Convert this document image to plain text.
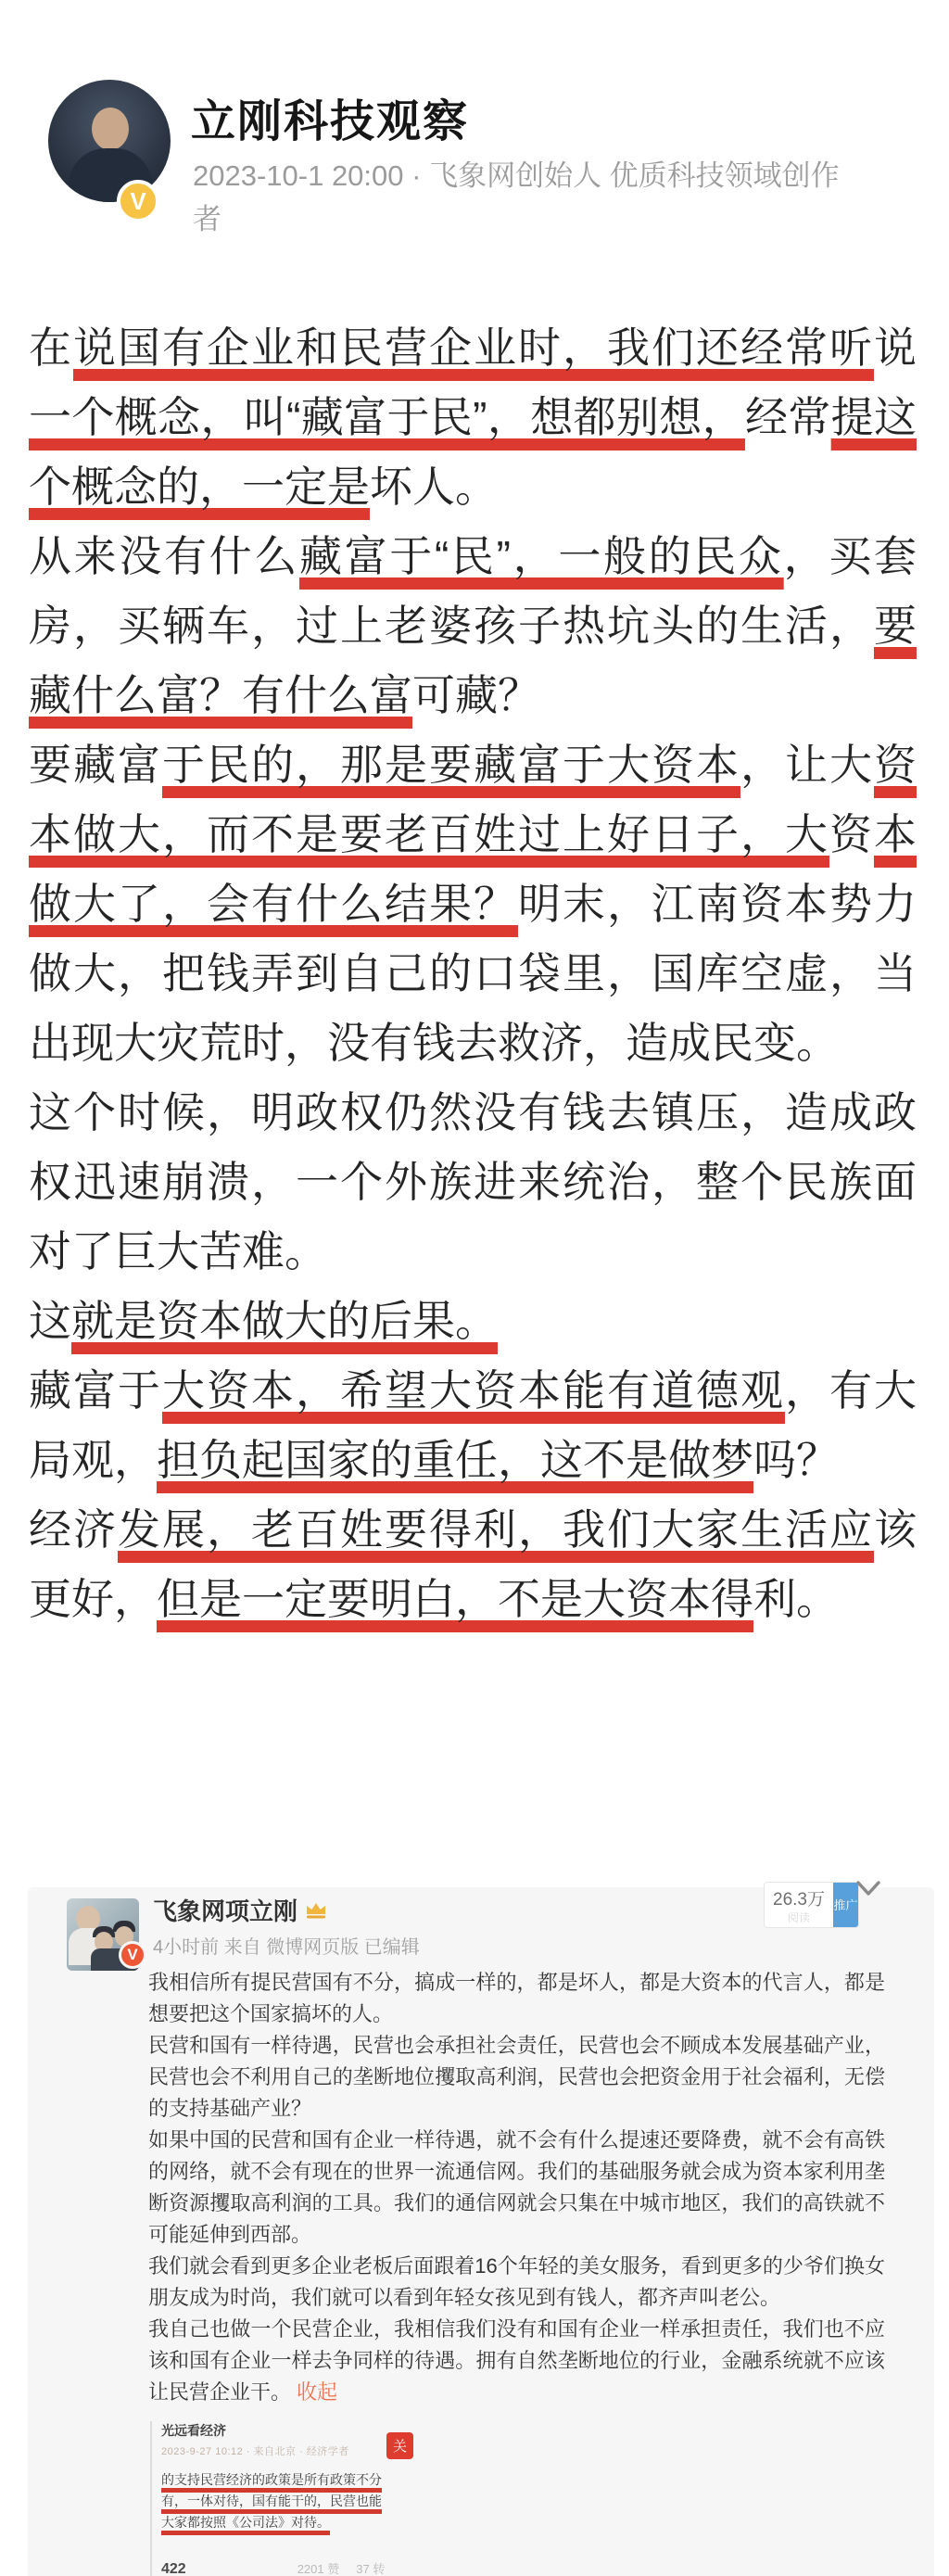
V
立刚科技观察
2023-10-1 20:00 · 飞象网创始人 优质科技领域创作者
在说国有企业和民营企业时，我们还经常听说一个概念，叫“藏富于民”，想都别想，经常提这个概念的，一定是坏人。
从来没有什么藏富于“民”，一般的民众，买套房，买辆车，过上老婆孩子热坑头的生活，要藏什么富？有什么富可藏？
要藏富于民的，那是要藏富于大资本，让大资本做大，而不是要老百姓过上好日子，大资本做大了，会有什么结果？明末，江南资本势力做大，把钱弄到自己的口袋里，国库空虚，当出现大灾荒时，没有钱去救济，造成民变。
这个时候，明政权仍然没有钱去镇压，造成政权迅速崩溃，一个外族进来统治，整个民族面对了巨大苦难。
这就是资本做大的后果。
藏富于大资本，希望大资本能有道德观，有大局观，担负起国家的重任，这不是做梦吗？
经济发展，老百姓要得利，我们大家生活应该更好，但是一定要明白，不是大资本得利。
V
飞象网项立刚
4小时前 来自 微博网页版 已编辑
26.3万
阅读
推广
我相信所有提民营国有不分，搞成一样的，都是坏人，都是大资本的代言人，都是想要把这个国家搞坏的人。
民营和国有一样待遇，民营也会承担社会责任，民营也会不顾成本发展基础产业，民营也会不利用自己的垄断地位攫取高利润，民营也会把资金用于社会福利，无偿的支持基础产业？
如果中国的民营和国有企业一样待遇，就不会有什么提速还要降费，就不会有高铁的网络，就不会有现在的世界一流通信网。我们的基础服务就会成为资本家利用垄断资源攫取高利润的工具。我们的通信网就会只集在中城市地区，我们的高铁就不可能延伸到西部。
我们就会看到更多企业老板后面跟着16个年轻的美女服务，看到更多的少爷们换女朋友成为时尚，我们就可以看到年轻女孩见到有钱人，都齐声叫老公。
我自己也做一个民营企业，我相信我们没有和国有企业一样承担责任，我们也不应该和国有企业一样去争同样的待遇。拥有自然垄断地位的行业，金融系统就不应该让民营企业干。 收起
光远看经济
2023-9-27 10:12 · 来自北京 · 经济学者	关
的支持民营经济的政策是所有政策不分
有，一体对待，国有能干的，民营也能
大家都按照《公司法》对待。
422	2201 赞 37 转
